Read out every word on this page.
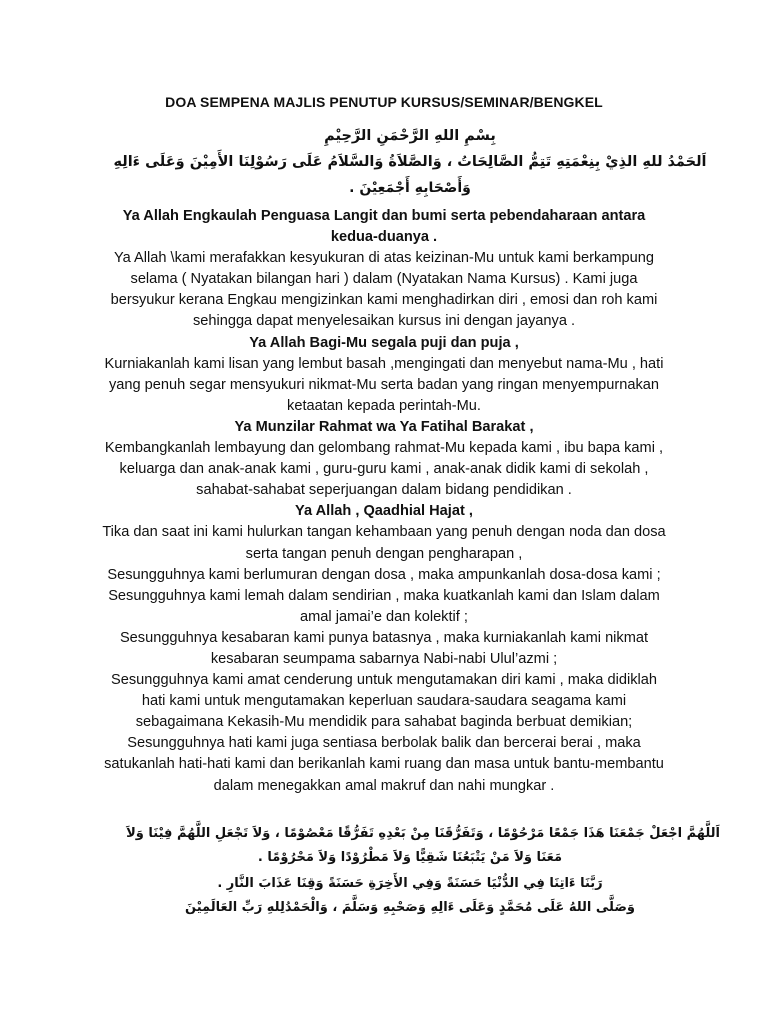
DOA SEMPENA MAJLIS PENUTUP KURSUS/SEMINAR/BENGKEL
بِسْمِ اللهِ الرَّحْمَنِ الرَّحِيْمِ
اَلحَمْدُ للهِ الذِيْ بِنِعْمَتِهِ تَتِمُّ الصَّالِحَاتُ ، وَالصَّلاَةُ وَالسَّلاَمُ عَلَى رَسُوْلِنَا الأَمِيْنَ وَعَلَى ءَالِهِ
وَأَصْحَابِهِ أَجْمَعِيْنَ .

Ya Allah Engkaulah Penguasa Langit dan bumi serta pebendaharaan antara kedua-duanya .

Ya Allah \kami merafakkan kesyukuran di atas keizinan-Mu untuk kami berkampung selama ( Nyatakan bilangan hari ) dalam (Nyatakan Nama Kursus) . Kami juga bersyukur kerana Engkau mengizinkan kami menghadirkan diri , emosi dan roh kami sehingga dapat menyelesaikan kursus ini dengan jayanya .

Ya Allah Bagi-Mu segala puji dan puja ,

Kurniakanlah kami lisan yang lembut basah ,mengingati dan menyebut nama-Mu , hati yang penuh segar mensyukuri nikmat-Mu serta badan yang ringan menyempurnakan ketaatan kepada perintah-Mu.

Ya Munzilar Rahmat wa Ya Fatihal Barakat ,

Kembangkanlah lembayung dan gelombang rahmat-Mu kepada kami , ibu bapa kami , keluarga dan anak-anak kami , guru-guru kami , anak-anak didik kami di sekolah , sahabat-sahabat seperjuangan dalam bidang pendidikan .

Ya Allah , Qaadhial Hajat ,

Tika dan saat ini kami hulurkan tangan kehambaan yang penuh dengan noda dan dosa serta tangan penuh dengan pengharapan ,

Sesungguhnya kami berlumuran dengan dosa , maka ampunkanlah dosa-dosa kami ;

Sesungguhnya kami lemah dalam sendirian , maka kuatkanlah kami dan Islam dalam amal jamai’e dan kolektif ;

Sesungguhnya kesabaran kami punya batasnya , maka kurniakanlah kami nikmat kesabaran seumpama sabarnya Nabi-nabi Ulul’azmi ;

Sesungguhnya kami amat cenderung untuk mengutamakan diri kami , maka didiklah hati kami untuk mengutamakan keperluan saudara-saudara seagama kami sebagaimana Kekasih-Mu mendidik para sahabat baginda berbuat demikian;

Sesungguhnya hati kami juga sentiasa berbolak balik dan bercerai berai , maka satukanlah hati-hati kami dan berikanlah kami ruang dan masa untuk bantu-membantu dalam menegakkan amal makruf dan nahi mungkar .

اَللَّهُمَّ اجْعَلْ جَمْعَنَا هَذَا جَمْعًا مَرْحُوْمًا ، وَتَفَرُّقَنَا مِنْ بَعْدِهِ تَفَرُّقًا مَعْصُوْمًا ، وَلاَ تَجْعَلِ اللَّهُمَّ فِيْنَا وَلاَ
مَعَنَا وَلاَ مَنْ يَتْبَعُنَا شَقِيًّا وَلاَ مَطْرُوْدًا وَلاَ مَحْرُوْمًا .
رَبَّنَا ءَاتِنَا فِي الدُّنْيَا حَسَنَةً وَفِي الأَخِرَةِ حَسَنَةً وَقِنَا عَذَابَ النَّارِ .
وَصَلَّى اللهُ عَلَى مُحَمَّدٍ وَعَلَى ءَالِهِ وَصَحْبِهِ وَسَلَّمَ ، وَالْحَمْدُلِلهِ رَبِّ العَالَمِيْنَ
